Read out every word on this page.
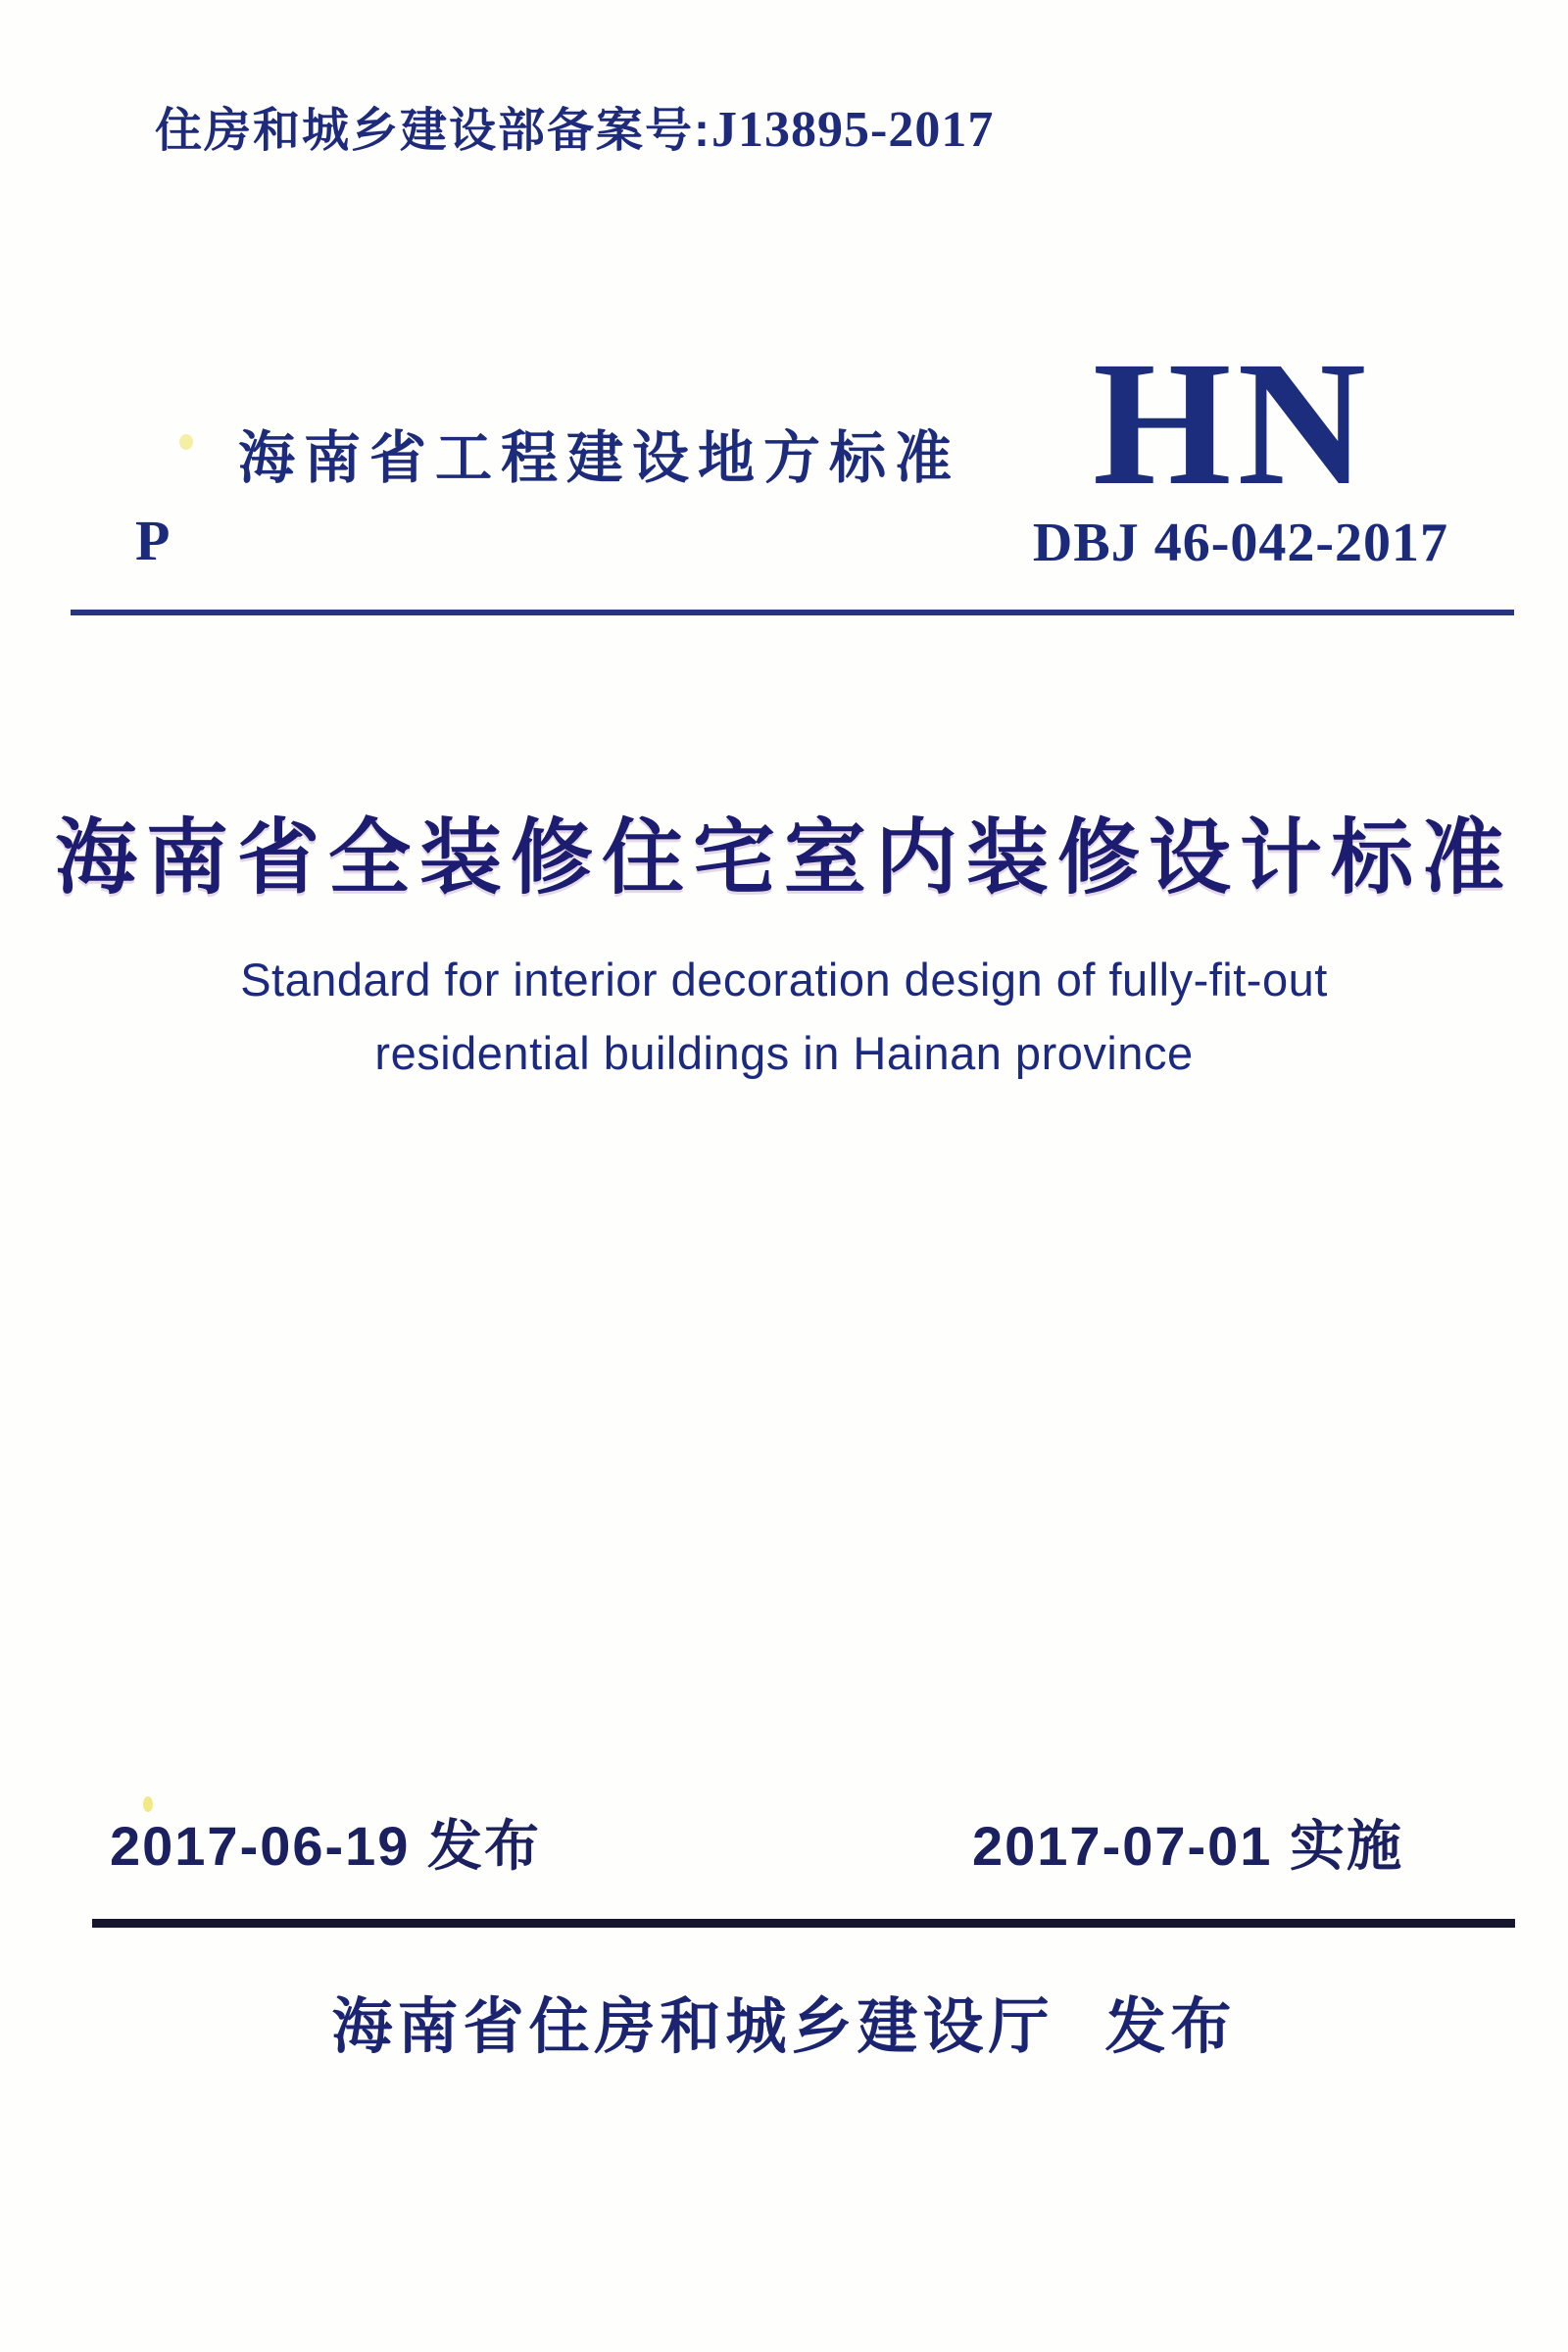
住房和城乡建设部备案号:J13895-2017
海南省工程建设地方标准 HN
P	DBJ 46-042-2017
海南省全装修住宅室内装修设计标准
Standard for interior decoration design of fully-fit-out
residential buildings in Hainan province
2017-06-19 发布	2017-07-01 实施
海南省住房和城乡建设厅 发布
